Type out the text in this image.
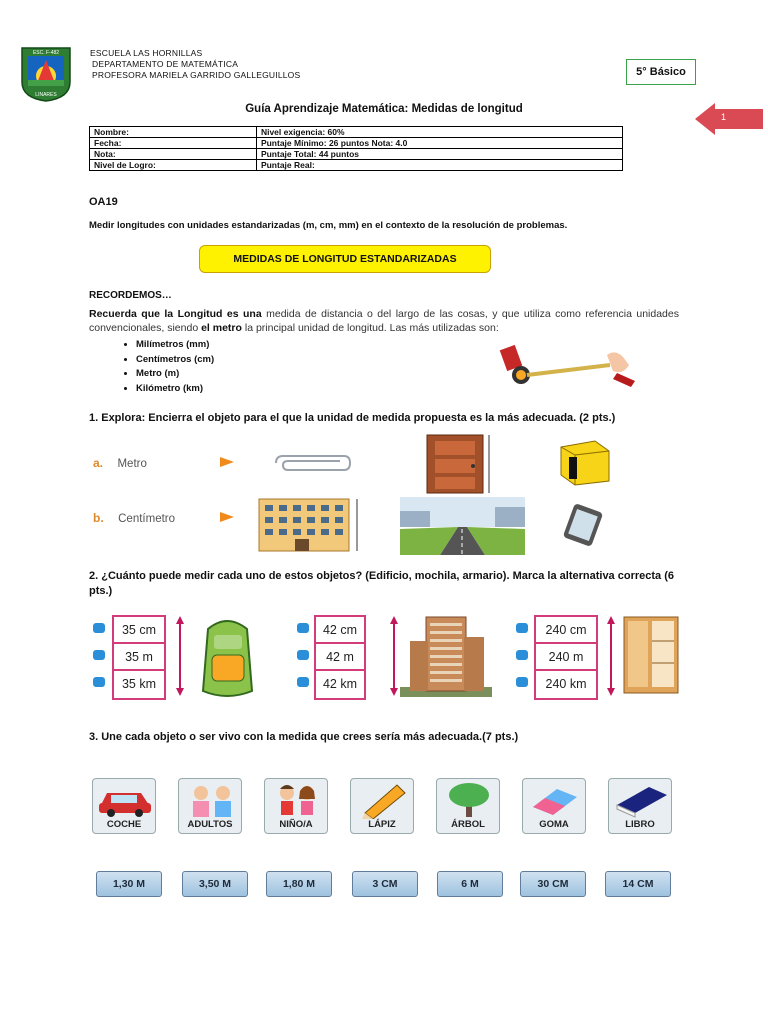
ESC. F-482
LINARES
ESCUELA LAS HORNILLAS
DEPARTAMENTO DE MATEMÁTICA
PROFESORA MARIELA GARRIDO GALLEGUILLOS	5° Básico
1
Guía Aprendizaje Matemática: Medidas de longitud
Nombre:	Nivel exigencia: 60%
Fecha:	Puntaje Mínimo: 26 puntos Nota: 4.0
Nota:	Puntaje Total: 44 puntos
Nivel de Logro:	Puntaje Real:
OA19
Medir longitudes con unidades estandarizadas (m, cm, mm) en el contexto de la resolución de problemas.
MEDIDAS DE LONGITUD ESTANDARIZADAS
RECORDEMOS…
Recuerda que la Longitud es una medida de distancia o del largo de las cosas, y que utiliza como referencia unidades convencionales, siendo el metro la principal unidad de longitud. Las más utilizadas son:
• Milímetros (mm)
• Centímetros (cm)
• Metro (m)
• Kilómetro (km)
1. Explora: Encierra el objeto para el que la unidad de medida propuesta es la más adecuada. (2 pts.)
a. Metro
b. Centímetro
2. ¿Cuánto puede medir cada uno de estos objetos? (Edificio, mochila, armario). Marca la alternativa correcta (6 pts.)
35 cm
35 m
35 km
42 cm
42 m
42 km
240 cm
240 m
240 km
3. Une cada objeto o ser vivo con la medida que crees sería más adecuada.(7 pts.)
COCHE	ADULTOS	NIÑO/A	LÁPIZ	ÁRBOL	GOMA	LIBRO
1,30 M	3,50 M	1,80 M	3 CM	6 M	30 CM	14 CM
